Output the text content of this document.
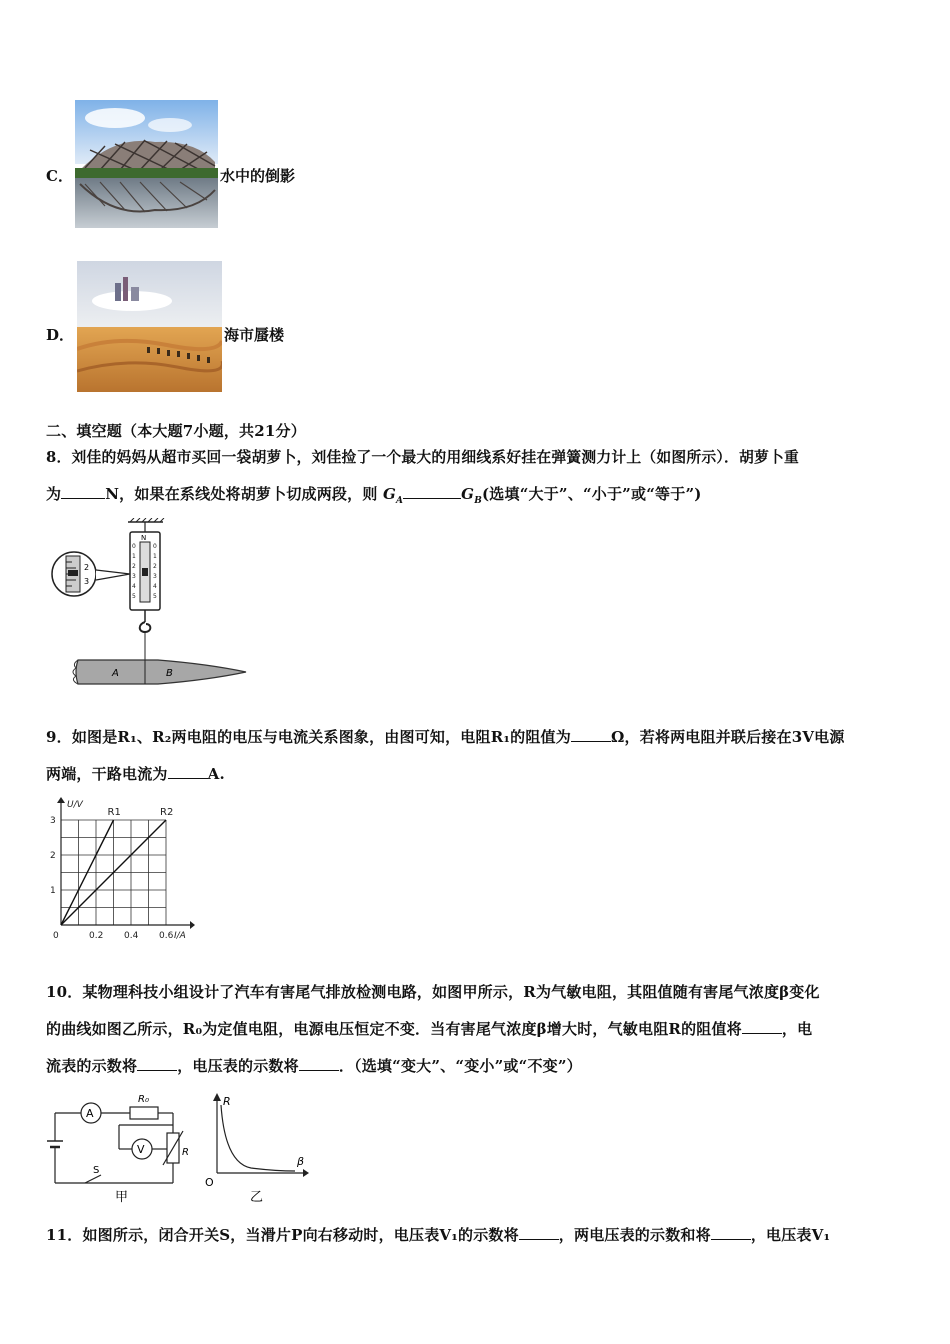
C．	水中的倒影
D．	海市蜃楼
二、填空题（本大题7小题，共21分）
8．刘佳的妈妈从超市买回一袋胡萝卜，刘佳捡了一个最大的用细线系好挂在弹簧测力计上（如图所示）．胡萝卜重
为	N，如果在系线处将胡萝卜切成两段，则 $G_A$	$G_B$(选填“大于”、“小于”或“等于”)
N
0
1
2
3
4
5
0
1
2
3
4
5
2
3
A	B
9．如图是R₁、R₂两电阻的电压与电流关系图象，由图可知，电阻R₁的阻值为	Ω，若将两电阻并联后接在3V电源
两端，干路电流为	A.
R1	R2
0	0.2 0.4 0.6
1
2
3
I/A
U/V
10．某物理科技小组设计了汽车有害尾气排放检测电路，如图甲所示，R为气敏电阻，其阻值随有害尾气浓度β变化
的曲线如图乙所示，R₀为定值电阻，电源电压恒定不变．当有害尾气浓度β增大时，气敏电阻R的阻值将	，电
流表的示数将	，电压表的示数将	．（选填“变大”、“变小”或“不变”）
A
V
R₀
R
S
甲
R
β
O
乙
11．如图所示，闭合开关S，当滑片P向右移动时，电压表V₁的示数将	，两电压表的示数和将	，电压表V₁
